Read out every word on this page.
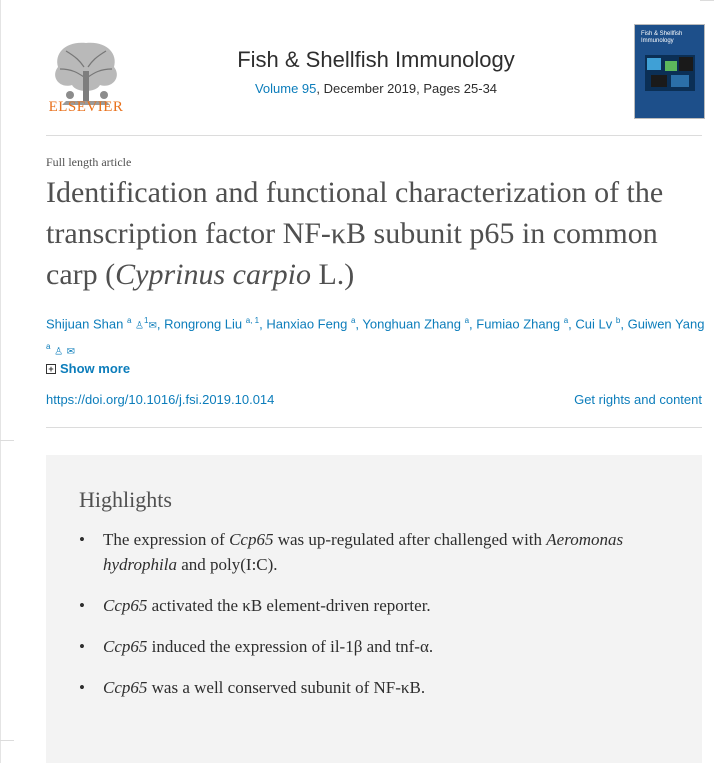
ELSEVIER
Fish & Shellfish Immunology
Volume 95, December 2019, Pages 25-34
Fish & Shellfish Immunology
Full length article
Identification and functional characterization of the transcription factor NF-κB subunit p65 in common carp (Cyprinus carpio L.)
Shijuan Shan $^a$ ♙$^1$✉, Rongrong Liu $^{a, 1}$, Hanxiao Feng $^a$, Yonghuan Zhang $^a$, Fumiao Zhang $^a$, Cui Lv $^b$, Guiwen Yang
$^a$ ♙ ✉
+ Show more
https://doi.org/10.1016/j.fsi.2019.10.014	Get rights and content
Highlights
• The expression of Ccp65 was up-regulated after challenged with Aeromonas hydrophila and poly(I:C).
• Ccp65 activated the κB element-driven reporter.
• Ccp65 induced the expression of il-1β and tnf-α.
• Ccp65 was a well conserved subunit of NF-κB.
